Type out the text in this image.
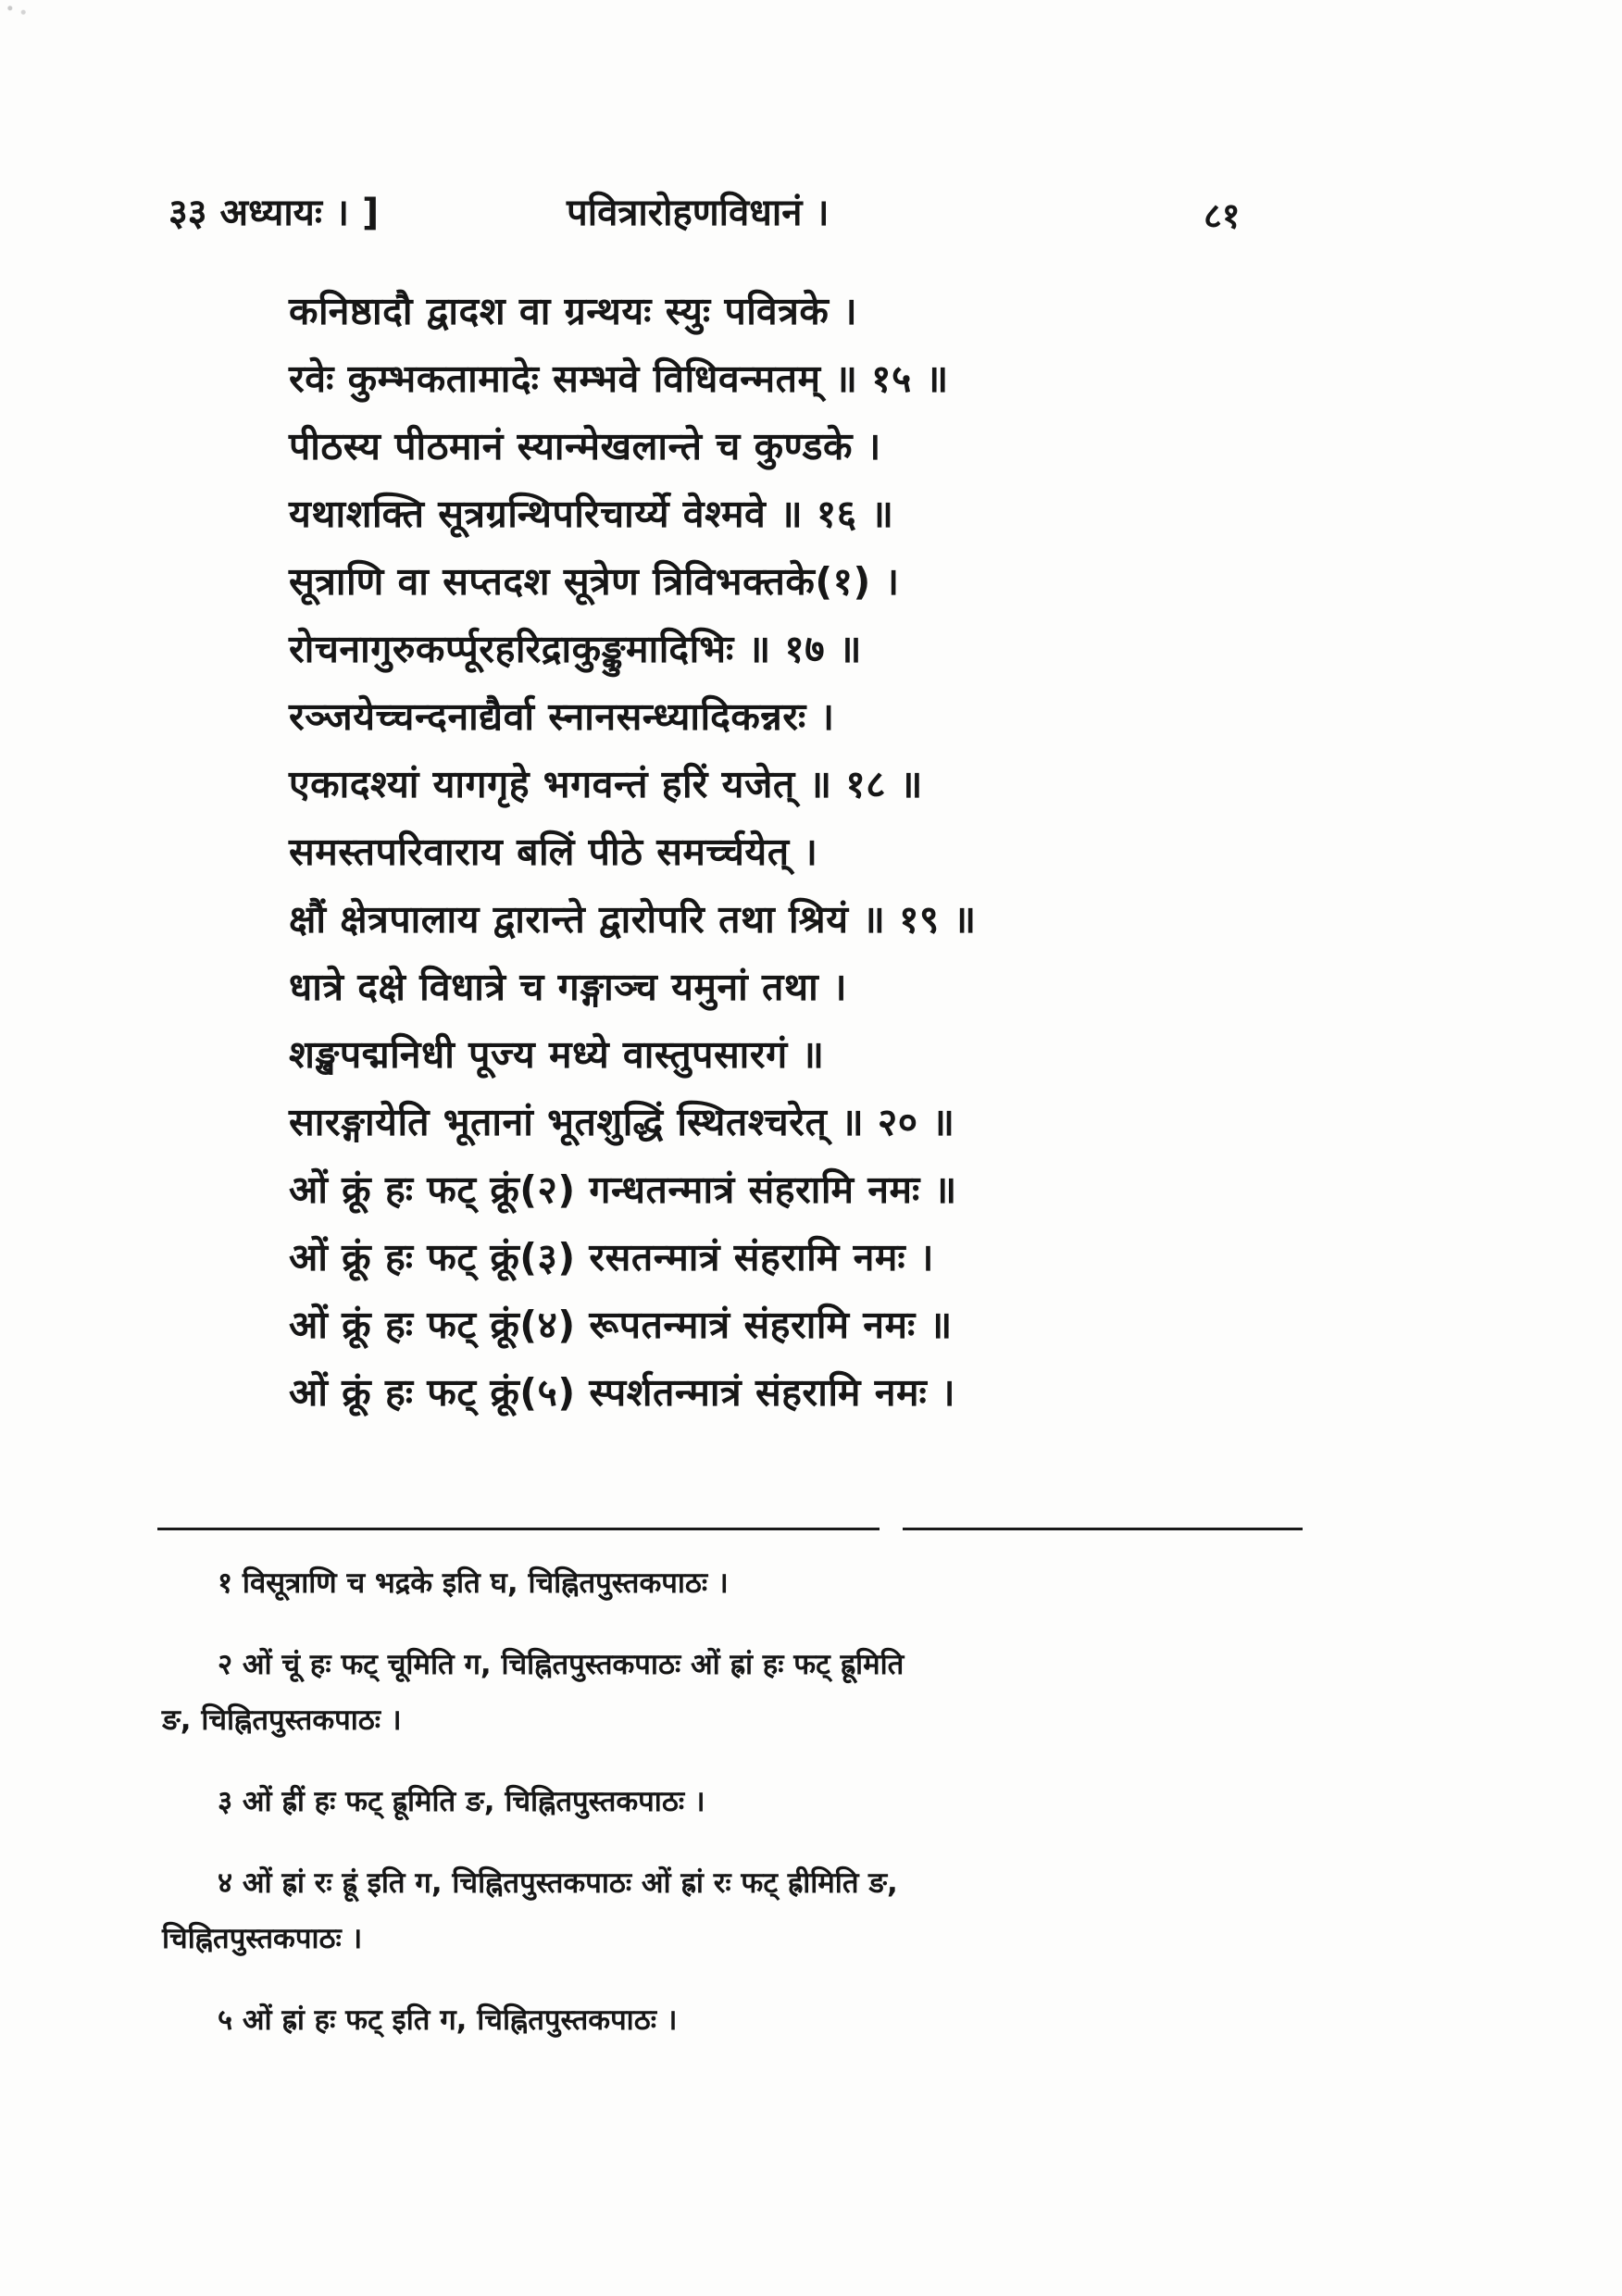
३३ अध्यायः । ]	पवित्रारोहणविधानं ।	८१
कनिष्ठादौ द्वादश वा ग्रन्थयः स्युः पवित्रके ।
रवेः कुम्भकतामादेः सम्भवे विधिवन्मतम् ॥ १५ ॥
पीठस्य पीठमानं स्यान्मेखलान्ते च कुण्डके ।
यथाशक्ति सूत्रग्रन्थिपरिचार्य्ये वेश्मवे ॥ १६ ॥
सूत्राणि वा सप्तदश सूत्रेण त्रिविभक्तके(१) ।
रोचनागुरुकर्प्पूरहरिद्राकुङ्कुमादिभिः ॥ १७ ॥
रञ्जयेच्चन्दनाद्यैर्वा स्नानसन्ध्यादिकन्नरः ।
एकादश्यां यागगृहे भगवन्तं हरिं यजेत् ॥ १८ ॥
समस्तपरिवाराय बलिं पीठे समर्च्चयेत् ।
क्षौं क्षेत्रपालाय द्वारान्ते द्वारोपरि तथा श्रियं ॥ १९ ॥
धात्रे दक्षे विधात्रे च गङ्गाञ्च यमुनां तथा ।
शङ्खपद्मनिधी पूज्य मध्ये वास्तुपसारगं ॥
सारङ्गायेति भूतानां भूतशुद्धिं स्थितश्चरेत् ॥ २० ॥
ओं क्रूं हः फट् क्रूं(२) गन्धतन्मात्रं संहरामि नमः ॥
ओं क्रूं हः फट् क्रूं(३) रसतन्मात्रं संहरामि नमः ।
ओं क्रूं हः फट् क्रूं(४) रूपतन्मात्रं संहरामि नमः ॥
ओं क्रूं हः फट् क्रूं(५) स्पर्शतन्मात्रं संहरामि नमः ।
१ विसूत्राणि च भद्रके इति घ, चिह्नितपुस्तकपाठः ।
२ ओं चूं हः फट् चूमिति ग, चिह्नितपुस्तकपाठः ओं ह्रां हः फट् ह्रूमिति
ङ, चिह्नितपुस्तकपाठः ।
३ ओं ह्रीं हः फट् ह्रूमिति ङ, चिह्नितपुस्तकपाठः ।
४ ओं ह्रां रः ह्रूं इति ग, चिह्नितपुस्तकपाठः ओं ह्रां रः फट् ह्रीमिति ङ,
चिह्नितपुस्तकपाठः ।
५ ओं ह्रां हः फट् इति ग, चिह्नितपुस्तकपाठः ।
